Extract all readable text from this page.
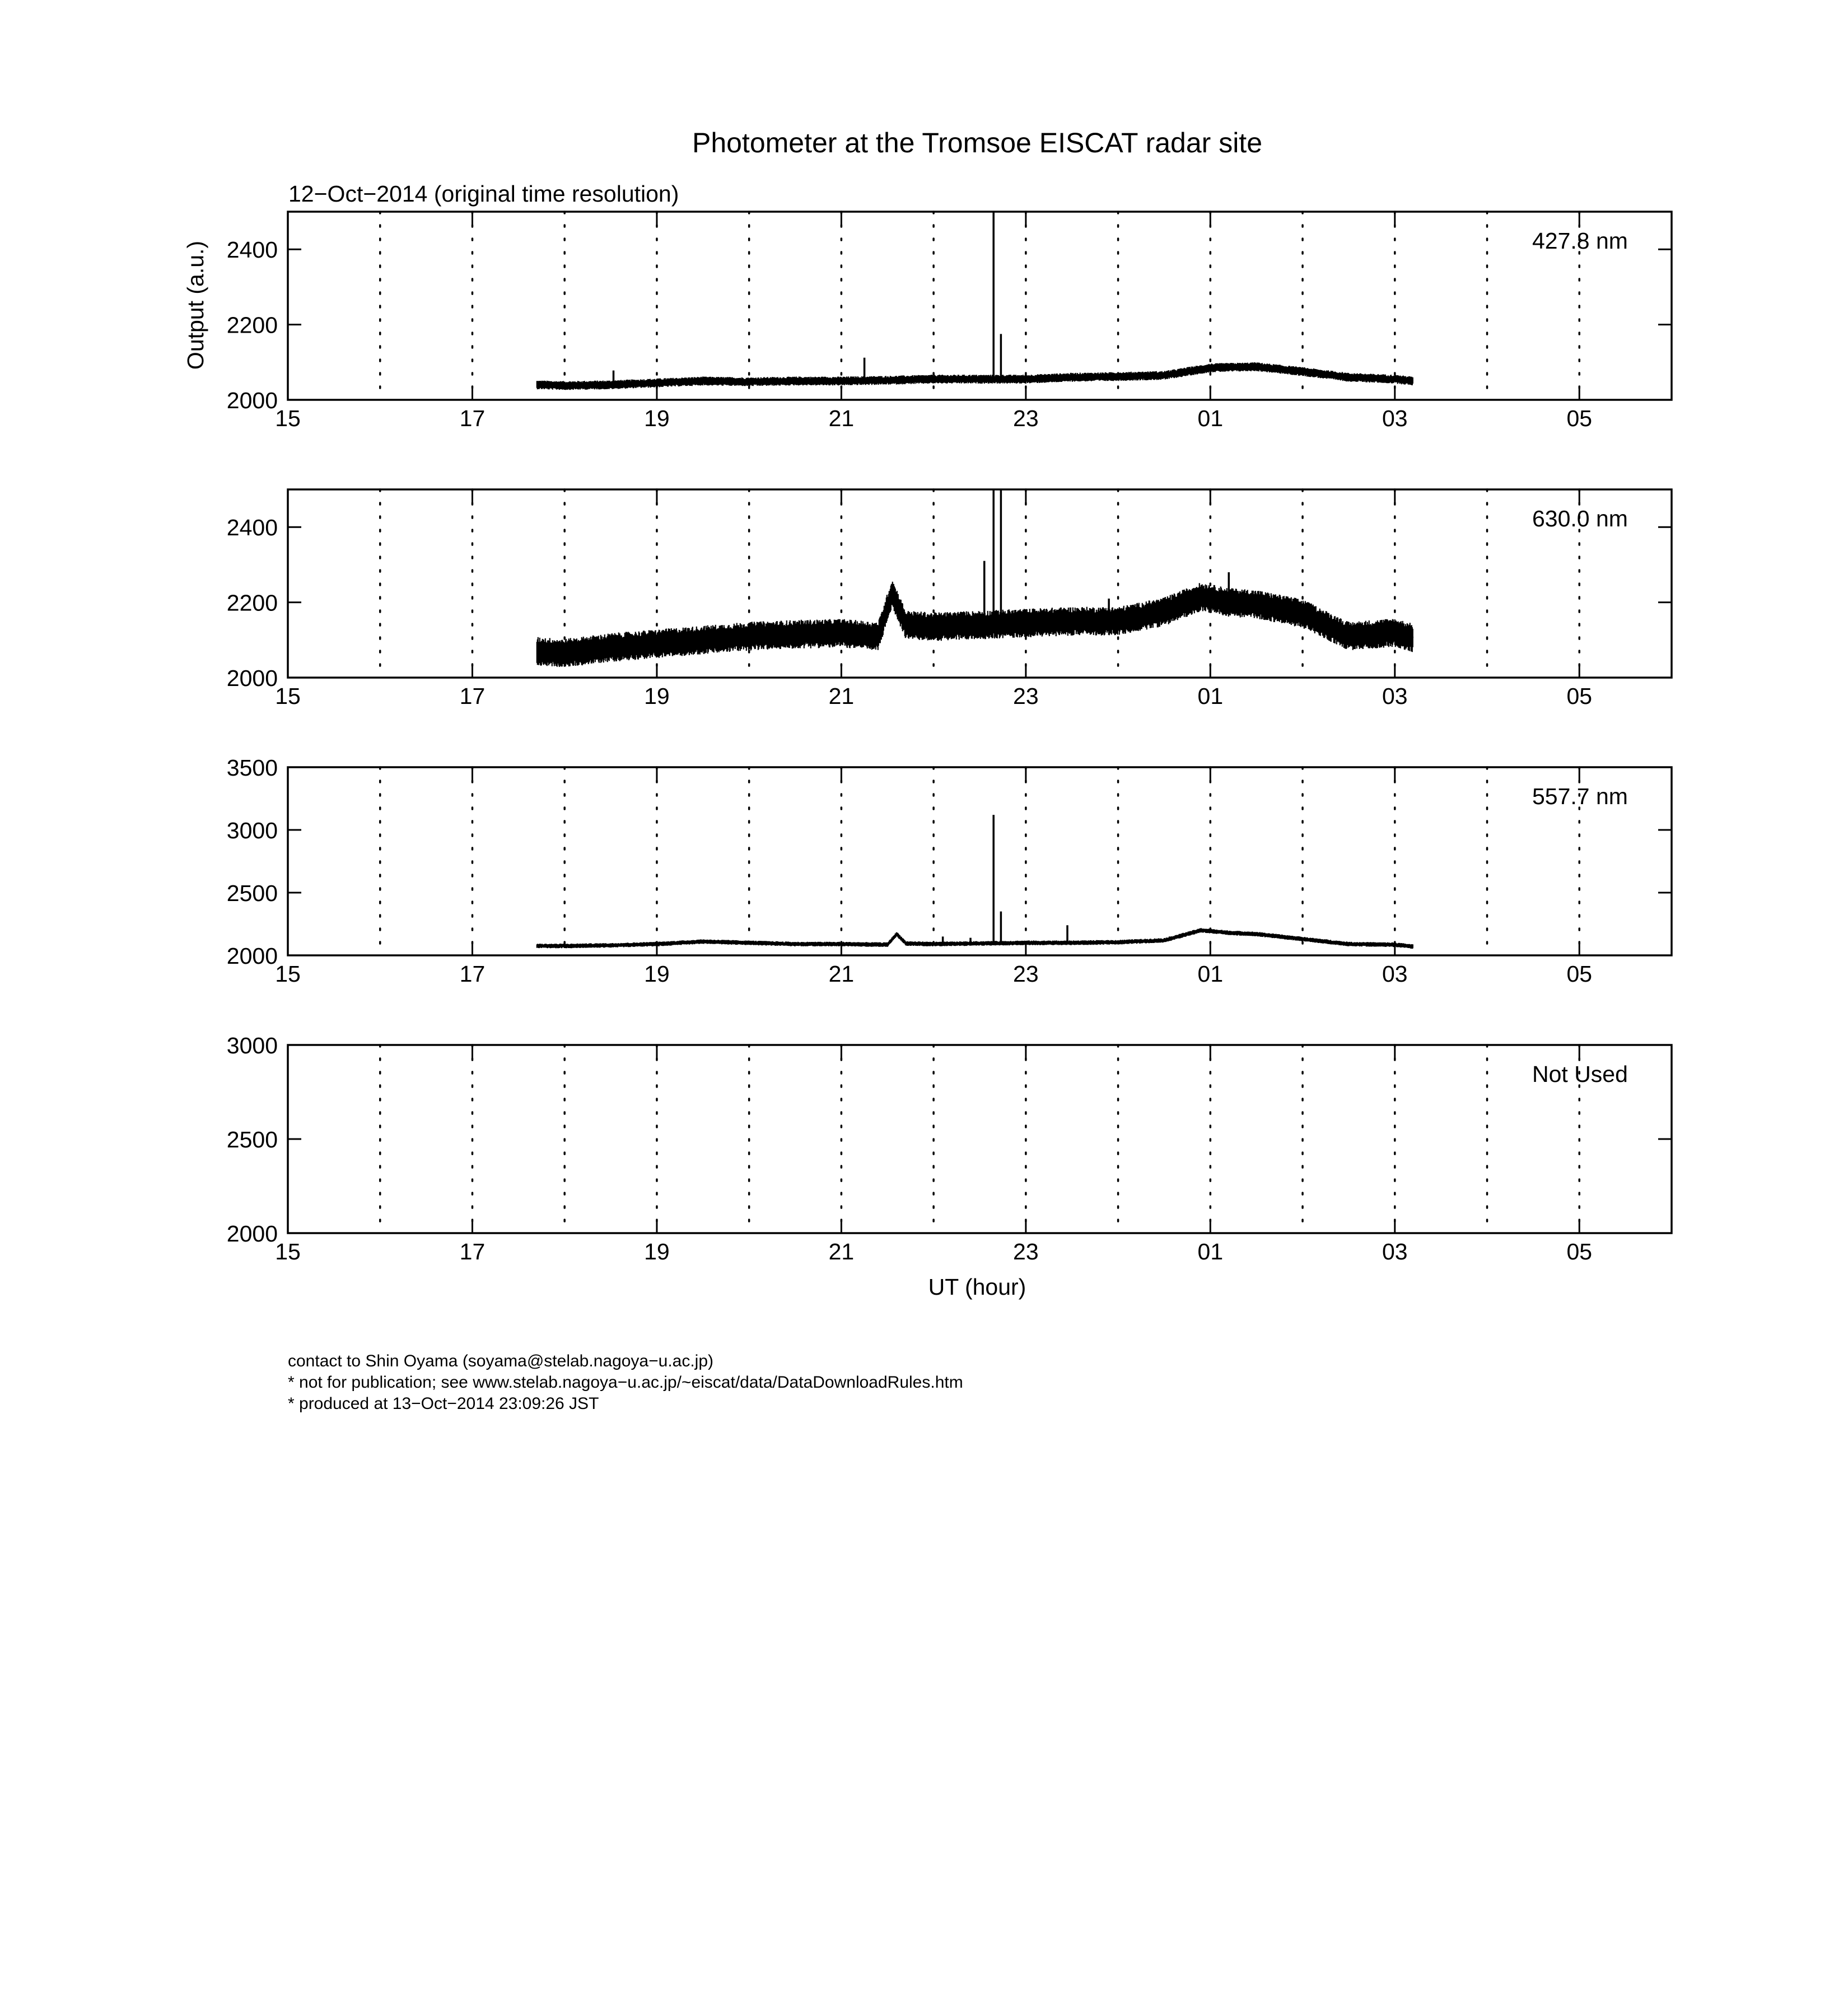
Photometer at the Tromsoe EISCAT radar site
12−Oct−2014 (original time resolution)
Output (a.u.)
UT (hour)
15	17	19	21	23	01	03	05
2000
2200
2400	427.8 nm
15	17	19	21	23	01	03	05
2000
2200
2400	630.0 nm
15	17	19	21	23	01	03	05
2000
2500
3000
3500
557.7 nm
15	17	19	21	23	01	03	05
2000
2500
3000
Not Used
contact to Shin Oyama (soyama@stelab.nagoya−u.ac.jp)
* not for publication; see www.stelab.nagoya−u.ac.jp/~eiscat/data/DataDownloadRules.htm
* produced at 13−Oct−2014 23:09:26 JST
